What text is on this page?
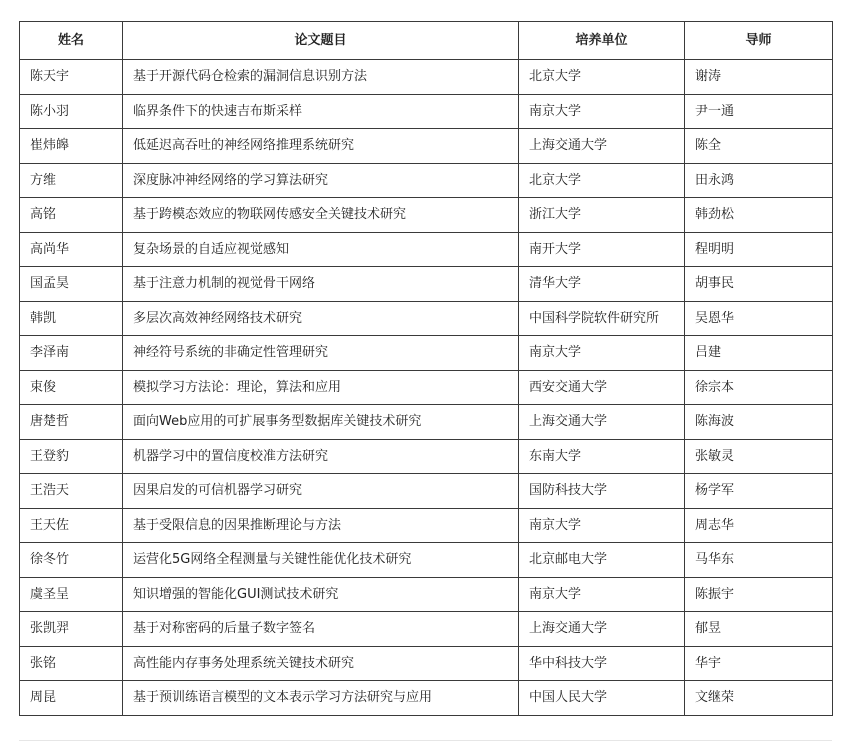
姓名	论文题目	培养单位	导师
陈天宇	基于开源代码仓检索的漏洞信息识别方法	北京大学	谢涛
陈小羽	临界条件下的快速吉布斯采样	南京大学	尹一通
崔炜皞	低延迟高吞吐的神经网络推理系统研究	上海交通大学	陈全
方维	深度脉冲神经网络的学习算法研究	北京大学	田永鸿
高铭	基于跨模态效应的物联网传感安全关键技术研究	浙江大学	韩劲松
高尚华	复杂场景的自适应视觉感知	南开大学	程明明
国孟昊	基于注意力机制的视觉骨干网络	清华大学	胡事民
韩凯	多层次高效神经网络技术研究	中国科学院软件研究所	吴恩华
李泽南	神经符号系统的非确定性管理研究	南京大学	吕建
束俊	模拟学习方法论：理论，算法和应用	西安交通大学	徐宗本
唐楚哲	面向Web应用的可扩展事务型数据库关键技术研究	上海交通大学	陈海波
王登豹	机器学习中的置信度校准方法研究	东南大学	张敏灵
王浩天	因果启发的可信机器学习研究	国防科技大学	杨学军
王天佐	基于受限信息的因果推断理论与方法	南京大学	周志华
徐冬竹	运营化5G网络全程测量与关键性能优化技术研究	北京邮电大学	马华东
虞圣呈	知识增强的智能化GUI测试技术研究	南京大学	陈振宇
张凯羿	基于对称密码的后量子数字签名	上海交通大学	郁昱
张铭	高性能内存事务处理系统关键技术研究	华中科技大学	华宇
周昆	基于预训练语言模型的文本表示学习方法研究与应用	中国人民大学	文继荣
